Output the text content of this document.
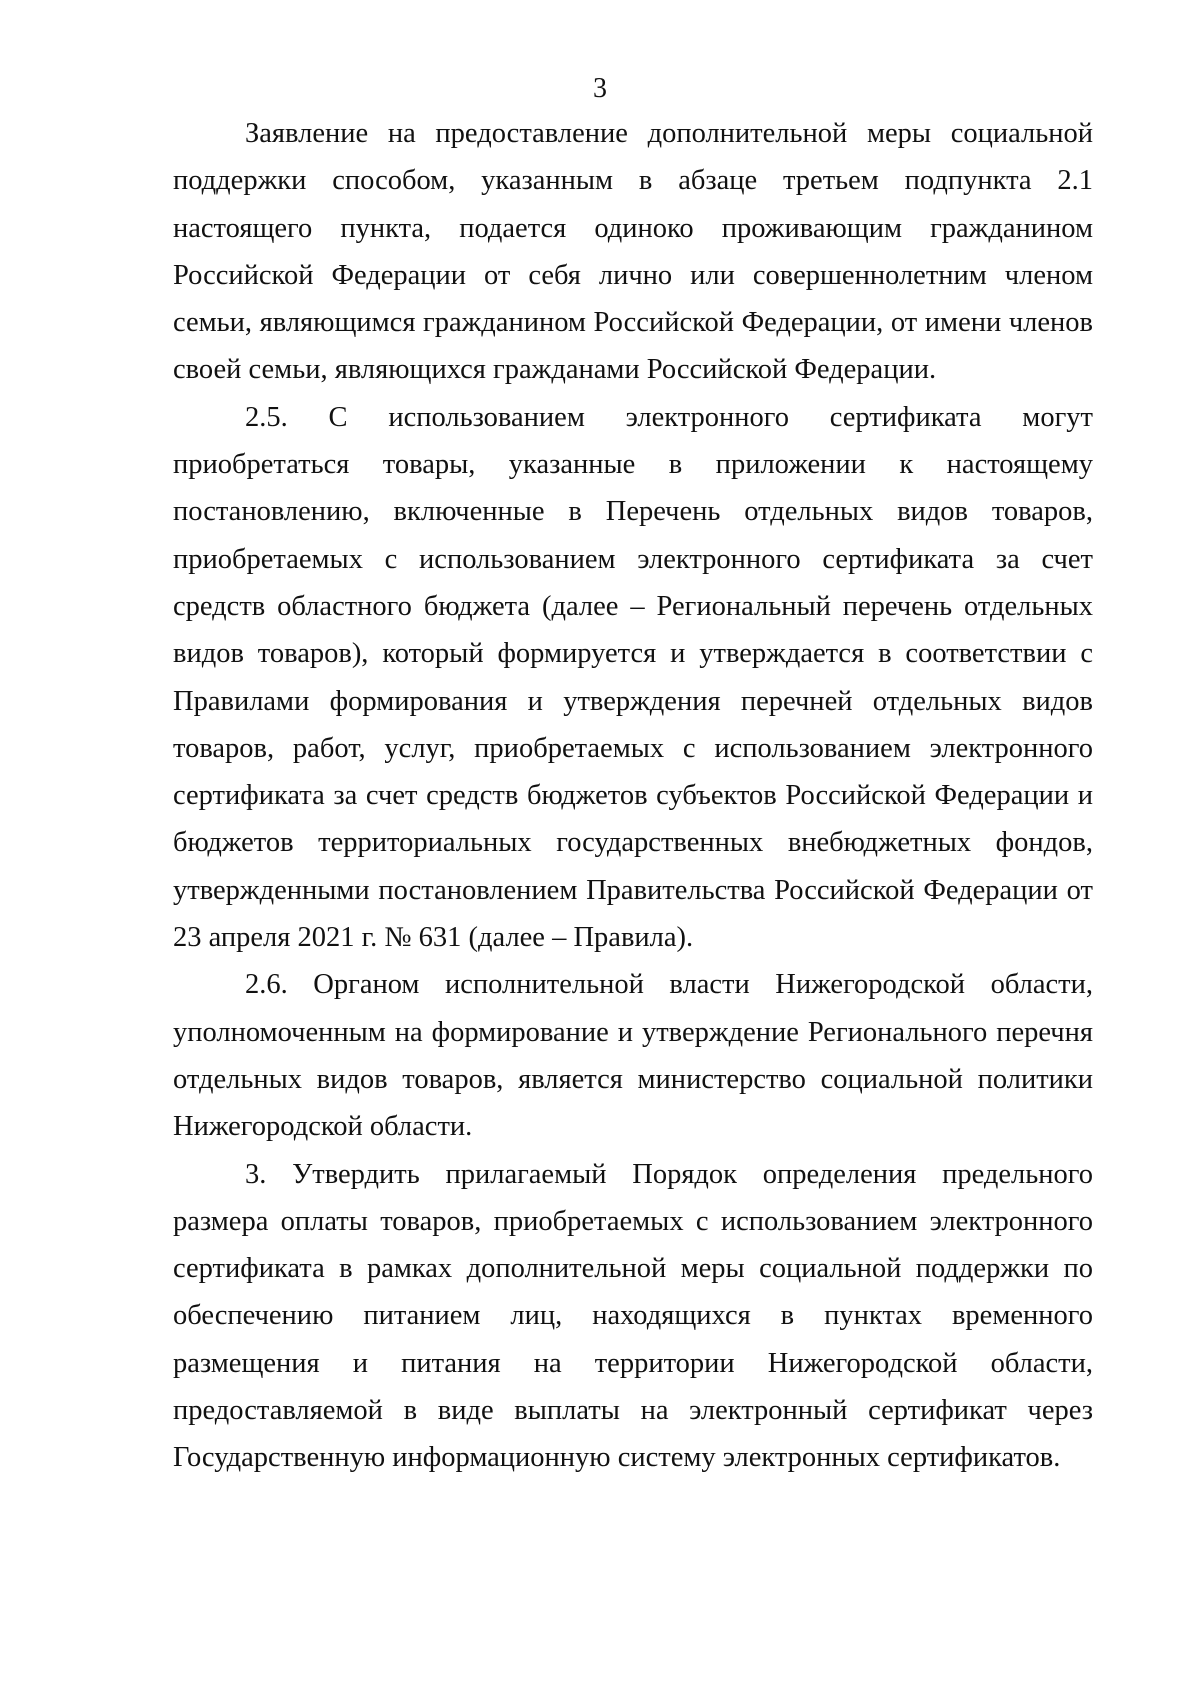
3

Заявление на предоставление дополнительной меры социальной поддержки способом, указанным в абзаце третьем подпункта 2.1 настоящего пункта, подается одиноко проживающим гражданином Российской Федерации от себя лично или совершеннолетним членом семьи, являющимся гражданином Российской Федерации, от имени членов своей семьи, являющихся гражданами Российской Федерации.

2.5. С использованием электронного сертификата могут приобретаться товары, указанные в приложении к настоящему постановлению, включенные в Перечень отдельных видов товаров, приобретаемых с использованием электронного сертификата за счет средств областного бюджета (далее – Региональный перечень отдельных видов товаров), который формируется и утверждается в соответствии с Правилами формирования и утверждения перечней отдельных видов товаров, работ, услуг, приобретаемых с использованием электронного сертификата за счет средств бюджетов субъектов Российской Федерации и бюджетов территориальных государственных внебюджетных фондов, утвержденными постановлением Правительства Российской Федерации от 23 апреля 2021 г. № 631 (далее – Правила).

2.6. Органом исполнительной власти Нижегородской области, уполномоченным на формирование и утверждение Регионального перечня отдельных видов товаров, является министерство социальной политики Нижегородской области.

3. Утвердить прилагаемый Порядок определения предельного размера оплаты товаров, приобретаемых с использованием электронного сертификата в рамках дополнительной меры социальной поддержки по обеспечению питанием лиц, находящихся в пунктах временного размещения и питания на территории Нижегородской области, предоставляемой в виде выплаты на электронный сертификат через Государственную информационную систему электронных сертификатов.
